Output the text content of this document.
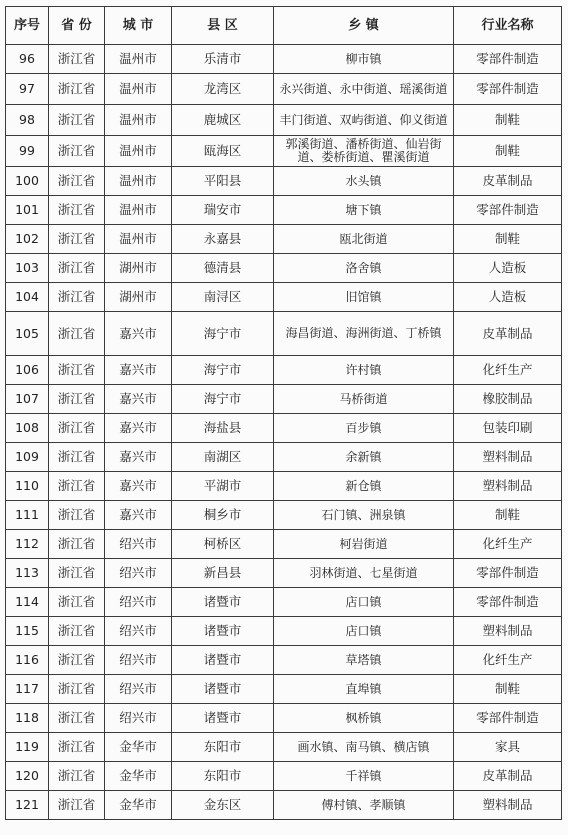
序号	省 份	城 市	县 区	乡 镇	行业名称
96	浙江省	温州市	乐清市	柳市镇	零部件制造
97	浙江省	温州市	龙湾区	永兴街道、永中街道、瑶溪街道	零部件制造
98	浙江省	温州市	鹿城区	丰门街道、双屿街道、仰义街道	制鞋
99	浙江省	温州市	瓯海区	郭溪街道、潘桥街道、仙岩街道、娄桥街道、瞿溪街道	制鞋
100	浙江省	温州市	平阳县	水头镇	皮革制品
101	浙江省	温州市	瑞安市	塘下镇	零部件制造
102	浙江省	温州市	永嘉县	瓯北街道	制鞋
103	浙江省	湖州市	德清县	洛舍镇	人造板
104	浙江省	湖州市	南浔区	旧馆镇	人造板
105	浙江省	嘉兴市	海宁市	海昌街道、海洲街道、丁桥镇	皮革制品
106	浙江省	嘉兴市	海宁市	许村镇	化纤生产
107	浙江省	嘉兴市	海宁市	马桥街道	橡胶制品
108	浙江省	嘉兴市	海盐县	百步镇	包装印刷
109	浙江省	嘉兴市	南湖区	余新镇	塑料制品
110	浙江省	嘉兴市	平湖市	新仓镇	塑料制品
111	浙江省	嘉兴市	桐乡市	石门镇、洲泉镇	制鞋
112	浙江省	绍兴市	柯桥区	柯岩街道	化纤生产
113	浙江省	绍兴市	新昌县	羽林街道、七星街道	零部件制造
114	浙江省	绍兴市	诸暨市	店口镇	零部件制造
115	浙江省	绍兴市	诸暨市	店口镇	塑料制品
116	浙江省	绍兴市	诸暨市	草塔镇	化纤生产
117	浙江省	绍兴市	诸暨市	直埠镇	制鞋
118	浙江省	绍兴市	诸暨市	枫桥镇	零部件制造
119	浙江省	金华市	东阳市	画水镇、南马镇、横店镇	家具
120	浙江省	金华市	东阳市	千祥镇	皮革制品
121	浙江省	金华市	金东区	傅村镇、孝顺镇	塑料制品
